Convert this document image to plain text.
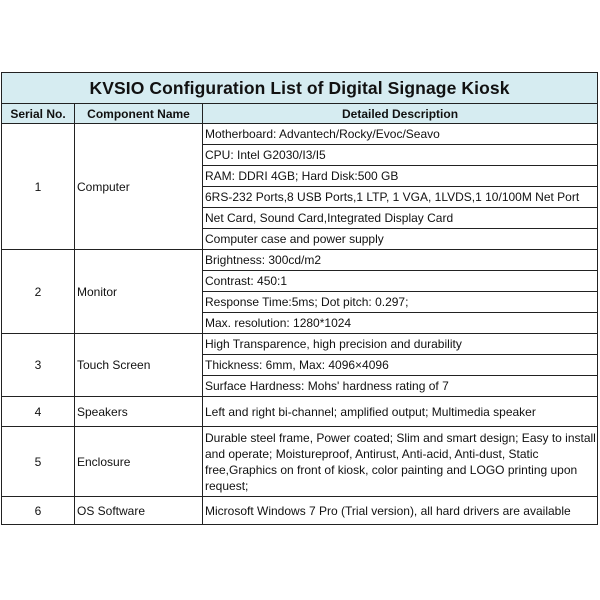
KVSIO Configuration List of Digital Signage Kiosk		
Serial No.	Component Name	Detailed Description
1	Computer	Motherboard: Advantech/Rocky/Evoc/Seavo
		CPU: Intel G2030/I3/I5
		RAM: DDRI 4GB; Hard Disk:500 GB
		6RS-232 Ports,8 USB Ports,1 LTP, 1 VGA, 1LVDS,1 10/100M Net Port
		Net Card, Sound Card,Integrated Display Card
		Computer case and power supply
2	Monitor	Brightness: 300cd/m2
		Contrast: 450:1
		Response Time:5ms; Dot pitch: 0.297;
		Max. resolution: 1280*1024
3	Touch Screen	High Transparence, high precision and durability
		Thickness: 6mm, Max: 4096×4096
		Surface Hardness: Mohs' hardness rating of 7
4	Speakers	Left and right bi-channel; amplified output; Multimedia speaker
5	Enclosure	Durable steel frame, Power coated; Slim and smart design; Easy to install and operate; Moistureproof, Antirust, Anti-acid, Anti-dust, Static free,Graphics on front of kiosk, color painting and LOGO printing upon request;
6	OS Software	Microsoft Windows 7 Pro (Trial version), all hard drivers are available
